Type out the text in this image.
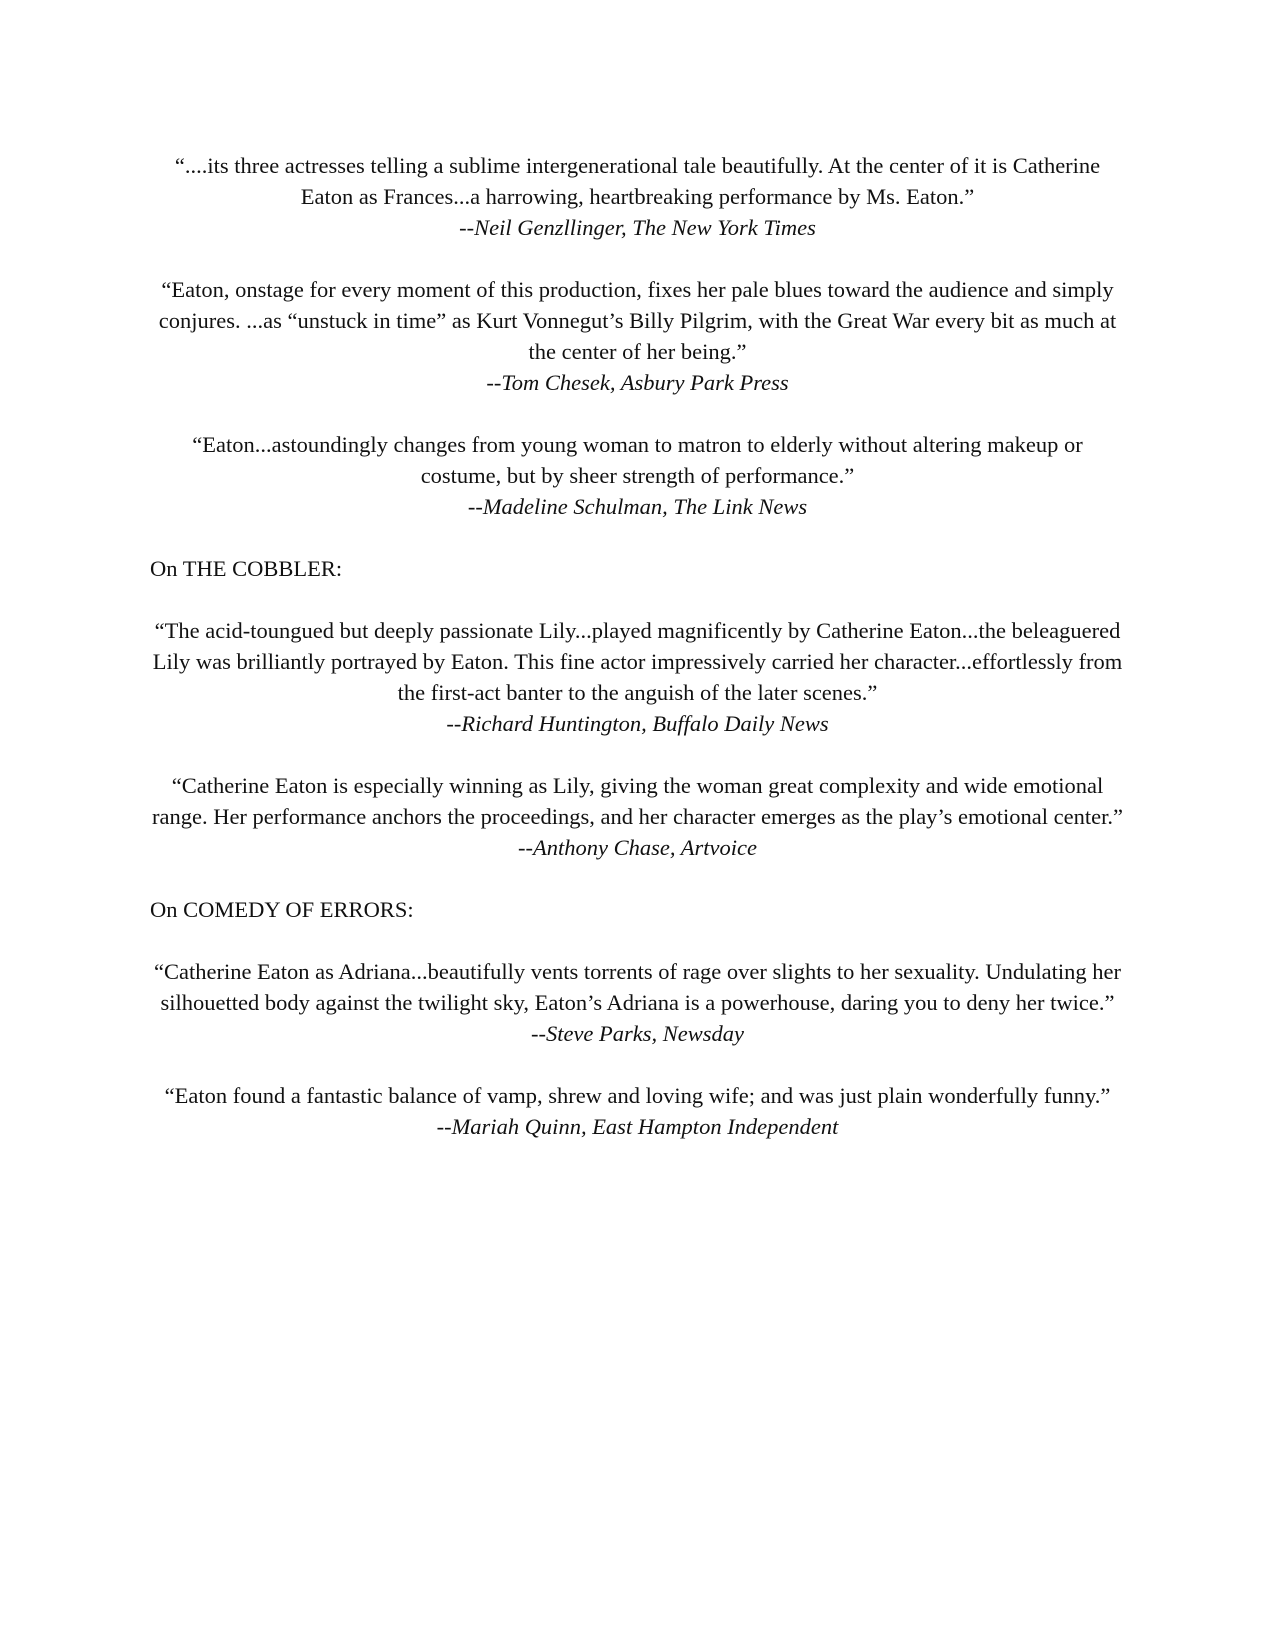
“....its three actresses telling a sublime intergenerational tale beautifully. At the center of it is Catherine Eaton as Frances...a harrowing, heartbreaking performance by Ms. Eaton.”

--Neil Genzllinger, The New York Times

“Eaton, onstage for every moment of this production, fixes her pale blues toward the audience and simply conjures. ...as “unstuck in time” as Kurt Vonnegut’s Billy Pilgrim, with the Great War every bit as much at the center of her being.”

--Tom Chesek, Asbury Park Press

“Eaton...astoundingly changes from young woman to matron to elderly without altering makeup or costume, but by sheer strength of performance.”

--Madeline Schulman, The Link News

On THE COBBLER:

“The acid-toungued but deeply passionate Lily...played magnificently by Catherine Eaton...the beleaguered Lily was brilliantly portrayed by Eaton. This fine actor impressively carried her character...effortlessly from the first-act banter to the anguish of the later scenes.”

--Richard Huntington, Buffalo Daily News

“Catherine Eaton is especially winning as Lily, giving the woman great complexity and wide emotional range. Her performance anchors the proceedings, and her character emerges as the play’s emotional center.”

--Anthony Chase, Artvoice

On COMEDY OF ERRORS:

“Catherine Eaton as Adriana...beautifully vents torrents of rage over slights to her sexuality. Undulating her silhouetted body against the twilight sky, Eaton’s Adriana is a powerhouse, daring you to deny her twice.”

--Steve Parks, Newsday

“Eaton found a fantastic balance of vamp, shrew and loving wife; and was just plain wonderfully funny.”

--Mariah Quinn, East Hampton Independent
